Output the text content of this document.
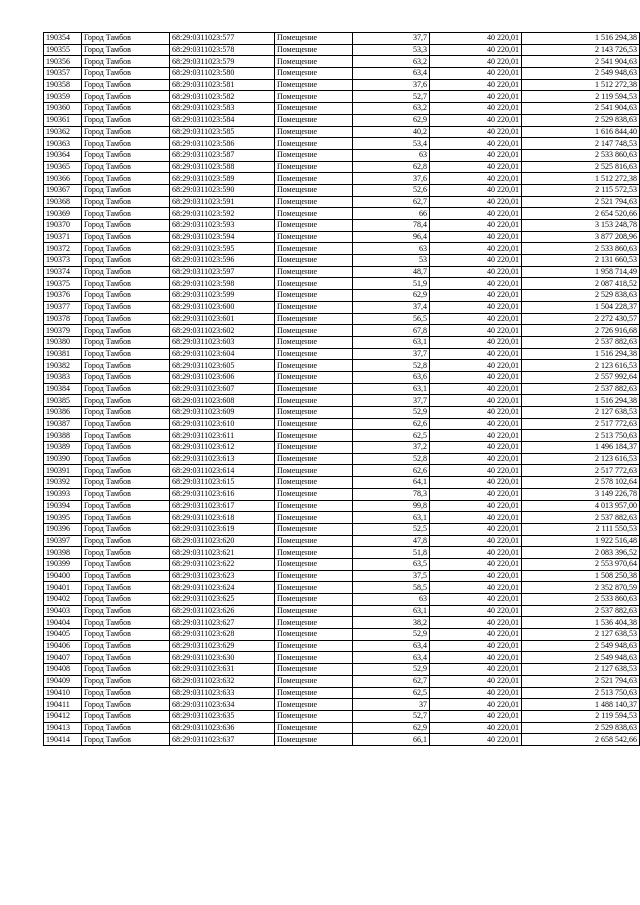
190354	Город Тамбов	68:29:0311023:577	Помещение	37,7	40 220,01	1 516 294,38
190355	Город Тамбов	68:29:0311023:578	Помещение	53,3	40 220,01	2 143 726,53
190356	Город Тамбов	68:29:0311023:579	Помещение	63,2	40 220,01	2 541 904,63
190357	Город Тамбов	68:29:0311023:580	Помещение	63,4	40 220,01	2 549 948,63
190358	Город Тамбов	68:29:0311023:581	Помещение	37,6	40 220,01	1 512 272,38
190359	Город Тамбов	68:29:0311023:582	Помещение	52,7	40 220,01	2 119 594,53
190360	Город Тамбов	68:29:0311023:583	Помещение	63,2	40 220,01	2 541 904,63
190361	Город Тамбов	68:29:0311023:584	Помещение	62,9	40 220,01	2 529 838,63
190362	Город Тамбов	68:29:0311023:585	Помещение	40,2	40 220,01	1 616 844,40
190363	Город Тамбов	68:29:0311023:586	Помещение	53,4	40 220,01	2 147 748,53
190364	Город Тамбов	68:29:0311023:587	Помещение	63	40 220,01	2 533 860,63
190365	Город Тамбов	68:29:0311023:588	Помещение	62,8	40 220,01	2 525 816,63
190366	Город Тамбов	68:29:0311023:589	Помещение	37,6	40 220,01	1 512 272,38
190367	Город Тамбов	68:29:0311023:590	Помещение	52,6	40 220,01	2 115 572,53
190368	Город Тамбов	68:29:0311023:591	Помещение	62,7	40 220,01	2 521 794,63
190369	Город Тамбов	68:29:0311023:592	Помещение	66	40 220,01	2 654 520,66
190370	Город Тамбов	68:29:0311023:593	Помещение	78,4	40 220,01	3 153 248,78
190371	Город Тамбов	68:29:0311023:594	Помещение	96,4	40 220,01	3 877 208,96
190372	Город Тамбов	68:29:0311023:595	Помещение	63	40 220,01	2 533 860,63
190373	Город Тамбов	68:29:0311023:596	Помещение	53	40 220,01	2 131 660,53
190374	Город Тамбов	68:29:0311023:597	Помещение	48,7	40 220,01	1 958 714,49
190375	Город Тамбов	68:29:0311023:598	Помещение	51,9	40 220,01	2 087 418,52
190376	Город Тамбов	68:29:0311023:599	Помещение	62,9	40 220,01	2 529 838,63
190377	Город Тамбов	68:29:0311023:600	Помещение	37,4	40 220,01	1 504 228,37
190378	Город Тамбов	68:29:0311023:601	Помещение	56,5	40 220,01	2 272 430,57
190379	Город Тамбов	68:29:0311023:602	Помещение	67,8	40 220,01	2 726 916,68
190380	Город Тамбов	68:29:0311023:603	Помещение	63,1	40 220,01	2 537 882,63
190381	Город Тамбов	68:29:0311023:604	Помещение	37,7	40 220,01	1 516 294,38
190382	Город Тамбов	68:29:0311023:605	Помещение	52,8	40 220,01	2 123 616,53
190383	Город Тамбов	68:29:0311023:606	Помещение	63,6	40 220,01	2 557 992,64
190384	Город Тамбов	68:29:0311023:607	Помещение	63,1	40 220,01	2 537 882,63
190385	Город Тамбов	68:29:0311023:608	Помещение	37,7	40 220,01	1 516 294,38
190386	Город Тамбов	68:29:0311023:609	Помещение	52,9	40 220,01	2 127 638,53
190387	Город Тамбов	68:29:0311023:610	Помещение	62,6	40 220,01	2 517 772,63
190388	Город Тамбов	68:29:0311023:611	Помещение	62,5	40 220,01	2 513 750,63
190389	Город Тамбов	68:29:0311023:612	Помещение	37,2	40 220,01	1 496 184,37
190390	Город Тамбов	68:29:0311023:613	Помещение	52,8	40 220,01	2 123 616,53
190391	Город Тамбов	68:29:0311023:614	Помещение	62,6	40 220,01	2 517 772,63
190392	Город Тамбов	68:29:0311023:615	Помещение	64,1	40 220,01	2 578 102,64
190393	Город Тамбов	68:29:0311023:616	Помещение	78,3	40 220,01	3 149 226,78
190394	Город Тамбов	68:29:0311023:617	Помещение	99,8	40 220,01	4 013 957,00
190395	Город Тамбов	68:29:0311023:618	Помещение	63,1	40 220,01	2 537 882,63
190396	Город Тамбов	68:29:0311023:619	Помещение	52,5	40 220,01	2 111 550,53
190397	Город Тамбов	68:29:0311023:620	Помещение	47,8	40 220,01	1 922 516,48
190398	Город Тамбов	68:29:0311023:621	Помещение	51,8	40 220,01	2 083 396,52
190399	Город Тамбов	68:29:0311023:622	Помещение	63,5	40 220,01	2 553 970,64
190400	Город Тамбов	68:29:0311023:623	Помещение	37,5	40 220,01	1 508 250,38
190401	Город Тамбов	68:29:0311023:624	Помещение	58,5	40 220,01	2 352 870,59
190402	Город Тамбов	68:29:0311023:625	Помещение	63	40 220,01	2 533 860,63
190403	Город Тамбов	68:29:0311023:626	Помещение	63,1	40 220,01	2 537 882,63
190404	Город Тамбов	68:29:0311023:627	Помещение	38,2	40 220,01	1 536 404,38
190405	Город Тамбов	68:29:0311023:628	Помещение	52,9	40 220,01	2 127 638,53
190406	Город Тамбов	68:29:0311023:629	Помещение	63,4	40 220,01	2 549 948,63
190407	Город Тамбов	68:29:0311023:630	Помещение	63,4	40 220,01	2 549 948,63
190408	Город Тамбов	68:29:0311023:631	Помещение	52,9	40 220,01	2 127 638,53
190409	Город Тамбов	68:29:0311023:632	Помещение	62,7	40 220,01	2 521 794,63
190410	Город Тамбов	68:29:0311023:633	Помещение	62,5	40 220,01	2 513 750,63
190411	Город Тамбов	68:29:0311023:634	Помещение	37	40 220,01	1 488 140,37
190412	Город Тамбов	68:29:0311023:635	Помещение	52,7	40 220,01	2 119 594,53
190413	Город Тамбов	68:29:0311023:636	Помещение	62,9	40 220,01	2 529 838,63
190414	Город Тамбов	68:29:0311023:637	Помещение	66,1	40 220,01	2 658 542,66
